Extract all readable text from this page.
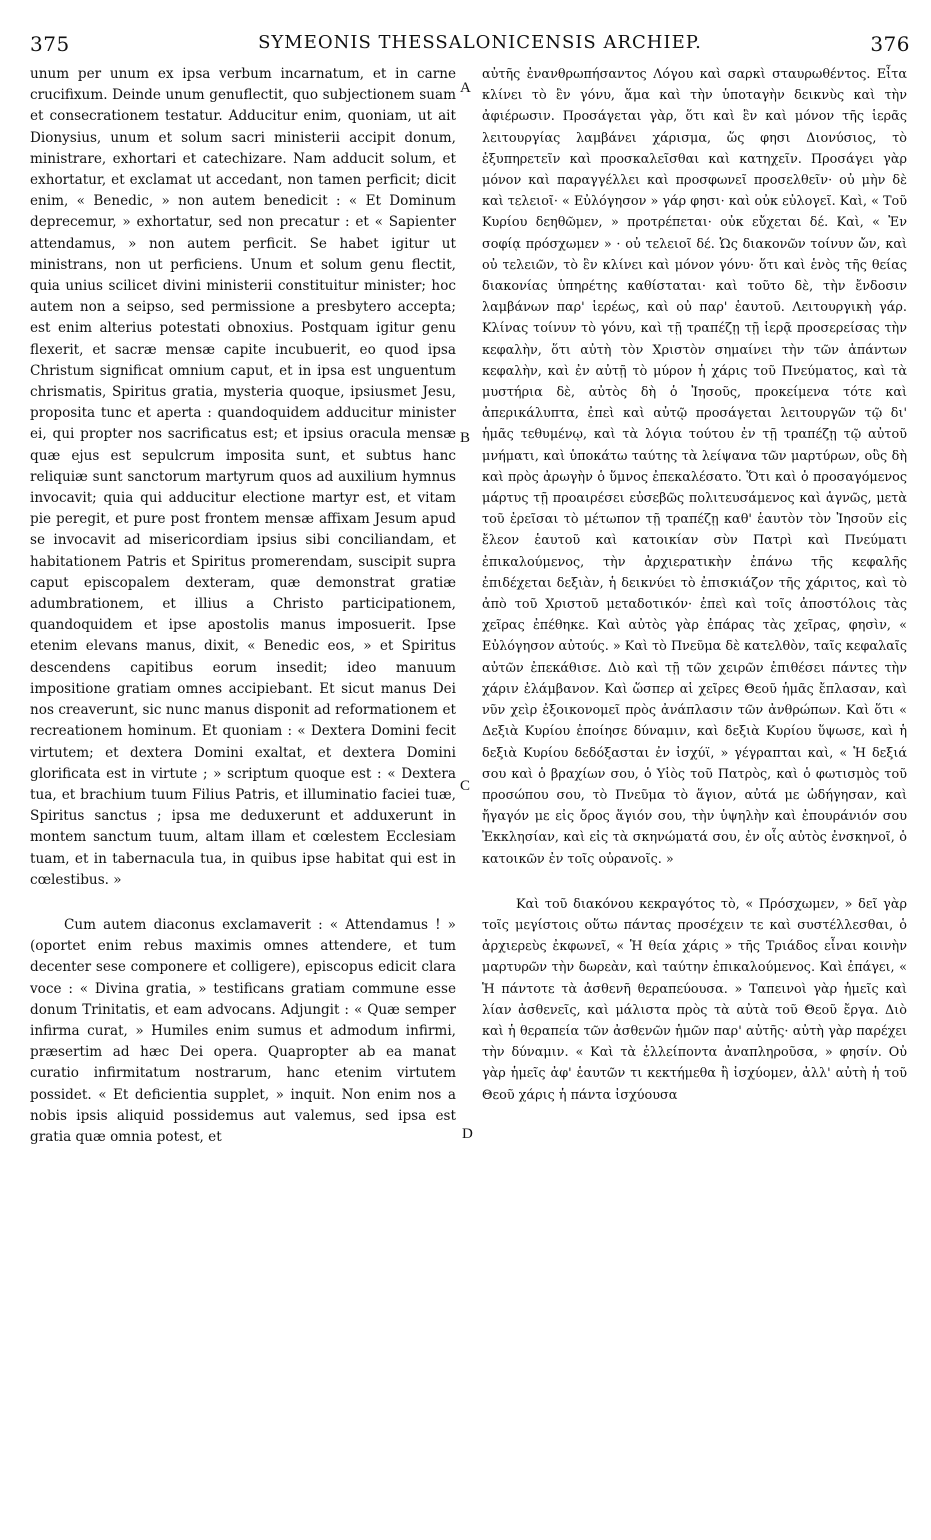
375	SYMEONIS THESSALONICENSIS ARCHIEP.	376

unum per unum ex ipsa verbum incarnatum, et in carne crucifixum. Deinde unum genuflectit, quo subjectionem suam et consecrationem testatur. Adducitur enim, quoniam, ut ait Dionysius, unum et solum sacri ministerii accipit donum, ministrare, exhortari et catechizare. Nam adducit solum, et exhortatur, et exclamat ut accedant, non tamen perficit; dicit enim, « Benedic, » non autem benedicit : « Et Dominum deprecemur, » exhortatur, sed non precatur : et « Sapienter attendamus, » non autem perficit. Se habet igitur ut ministrans, non ut perficiens. Unum et solum genu flectit, quia unius scilicet divini ministerii constituitur minister; hoc autem non a seipso, sed permissione a presbytero accepta; est enim alterius potestati obnoxius. Postquam igitur genu flexerit, et sacræ mensæ capite incubuerit, eo quod ipsa Christum significat omnium caput, et in ipsa est unguentum chrismatis, Spiritus gratia, mysteria quoque, ipsiusmet Jesu, proposita tunc et aperta : quandoquidem adducitur minister ei, qui propter nos sacrificatus est; et ipsius oracula mensæ quæ ejus est sepulcrum imposita sunt, et subtus hanc reliquiæ sunt sanctorum martyrum quos ad auxilium hymnus invocavit; quia qui adducitur electione martyr est, et vitam pie peregit, et pure post frontem mensæ affixam Jesum apud se invocavit ad misericordiam ipsius sibi conciliandam, et habitationem Patris et Spiritus promerendam, suscipit supra caput episcopalem dexteram, quæ demonstrat gratiæ adumbrationem, et illius a Christo participationem, quandoquidem et ipse apostolis manus imposuerit. Ipse etenim elevans manus, dixit, « Benedic eos, » et Spiritus descendens capitibus eorum insedit; ideo manuum impositione gratiam omnes accipiebant. Et sicut manus Dei nos creaverunt, sic nunc manus disponit ad reformationem et recreationem hominum. Et quoniam : « Dextera Domini fecit virtutem; et dextera Domini exaltat, et dextera Domini glorificata est in virtute ; » scriptum quoque est : « Dextera tua, et brachium tuum Filius Patris, et illuminatio faciei tuæ, Spiritus sanctus ; ipsa me deduxerunt et adduxerunt in montem sanctum tuum, altam illam et cœlestem Ecclesiam tuam, et in tabernacula tua, in quibus ipse habitat qui est in cœlestibus. »

Cum autem diaconus exclamaverit : « Attendamus ! » (oportet enim rebus maximis omnes attendere, et tum decenter sese componere et colligere), episcopus edicit clara voce : « Divina gratia, » testificans gratiam commune esse donum Trinitatis, et eam advocans. Adjungit : « Quæ semper infirma curat, » Humiles enim sumus et admodum infirmi, præsertim ad hæc Dei opera. Quapropter ab ea manat curatio infirmitatum nostrarum, hanc etenim virtutem possidet. « Et deficientia supplet, » inquit. Non enim nos a nobis ipsis aliquid possidemus aut valemus, sed ipsa est gratia quæ omnia potest, et

A
B
C
D

αὐτῆς ἐνανθρωπήσαντος Λόγου καὶ σαρκὶ σταυρωθέντος. Εἶτα κλίνει τὸ ἓν γόνυ, ἅμα καὶ τὴν ὑποταγὴν δεικνὺς καὶ τὴν ἀφιέρωσιν. Προσάγεται γὰρ, ὅτι καὶ ἓν καὶ μόνον τῆς ἱερᾶς λειτουργίας λαμβάνει χάρισμα, ὥς φησι Διονύσιος, τὸ ἐξυπηρετεῖν καὶ προσκαλεῖσθαι καὶ κατηχεῖν. Προσάγει γὰρ μόνον καὶ παραγγέλλει καὶ προσφωνεῖ προσελθεῖν· οὐ μὴν δὲ καὶ τελειοῖ· « Εὐλόγησον » γάρ φησι· καὶ οὐκ εὐλογεῖ. Καὶ, « Τοῦ Κυρίου δεηθῶμεν, » προτρέπεται· οὐκ εὔχεται δέ. Καὶ, « Ἐν σοφίᾳ πρόσχωμεν » · οὐ τελειοῖ δέ. Ὡς διακονῶν τοίνυν ὤν, καὶ οὐ τελειῶν, τὸ ἓν κλίνει καὶ μόνον γόνυ· ὅτι καὶ ἑνὸς τῆς θείας διακονίας ὑπηρέτης καθίσταται· καὶ τοῦτο δὲ, τὴν ἔνδοσιν λαμβάνων παρ' ἱερέως, καὶ οὐ παρ' ἑαυτοῦ. Λειτουργικὴ γάρ. Κλίνας τοίνυν τὸ γόνυ, καὶ τῇ τραπέζῃ τῇ ἱερᾷ προσερείσας τὴν κεφαλὴν, ὅτι αὐτὴ τὸν Χριστὸν σημαίνει τὴν τῶν ἁπάντων κεφαλὴν, καὶ ἐν αὐτῇ τὸ μύρον ἡ χάρις τοῦ Πνεύματος, καὶ τὰ μυστήρια δὲ, αὐτὸς δὴ ὁ Ἰησοῦς, προκείμενα τότε καὶ ἀπερικάλυπτα, ἐπεὶ καὶ αὐτῷ προσάγεται λειτουργῶν τῷ δι' ἡμᾶς τεθυμένῳ, καὶ τὰ λόγια τούτου ἐν τῇ τραπέζῃ τῷ αὐτοῦ μνήματι, καὶ ὑποκάτω ταύτης τὰ λείψανα τῶν μαρτύρων, οὓς δὴ καὶ πρὸς ἀρωγὴν ὁ ὕμνος ἐπεκαλέσατο. Ὅτι καὶ ὁ προσαγόμενος μάρτυς τῇ προαιρέσει εὐσεβῶς πολιτευσάμενος καὶ ἁγνῶς, μετὰ τοῦ ἐρεῖσαι τὸ μέτωπον τῇ τραπέζῃ καθ' ἑαυτὸν τὸν Ἰησοῦν εἰς ἔλεον ἑαυτοῦ καὶ κατοικίαν σὺν Πατρὶ καὶ Πνεύματι ἐπικαλούμενος, τὴν ἀρχιερατικὴν ἐπάνω τῆς κεφαλῆς ἐπιδέχεται δεξιὰν, ἡ δεικνύει τὸ ἐπισκιάζον τῆς χάριτος, καὶ τὸ ἀπὸ τοῦ Χριστοῦ μεταδοτικόν· ἐπεὶ καὶ τοῖς ἀποστόλοις τὰς χεῖρας ἐπέθηκε. Καὶ αὐτὸς γὰρ ἐπάρας τὰς χεῖρας, φησὶν, « Εὐλόγησον αὐτούς. » Καὶ τὸ Πνεῦμα δὲ κατελθὸν, ταῖς κεφαλαῖς αὐτῶν ἐπεκάθισε. Διὸ καὶ τῇ τῶν χειρῶν ἐπιθέσει πάντες τὴν χάριν ἐλάμβανον. Καὶ ὥσπερ αἱ χεῖρες Θεοῦ ἡμᾶς ἔπλασαν, καὶ νῦν χεὶρ ἐξοικονομεῖ πρὸς ἀνάπλασιν τῶν ἀνθρώπων. Καὶ ὅτι « Δεξιὰ Κυρίου ἐποίησε δύναμιν, καὶ δεξιὰ Κυρίου ὕψωσε, καὶ ἡ δεξιὰ Κυρίου δεδόξασται ἐν ἰσχύϊ, » γέγραπται καὶ, « Ἡ δεξιά σου καὶ ὁ βραχίων σου, ὁ Υἱὸς τοῦ Πατρὸς, καὶ ὁ φωτισμὸς τοῦ προσώπου σου, τὸ Πνεῦμα τὸ ἅγιον, αὐτά με ὡδήγησαν, καὶ ἤγαγόν με εἰς ὄρος ἅγιόν σου, τὴν ὑψηλὴν καὶ ἐπουράνιόν σου Ἐκκλησίαν, καὶ εἰς τὰ σκηνώματά σου, ἐν οἷς αὐτὸς ἐνσκηνοῖ, ὁ κατοικῶν ἐν τοῖς οὐρανοῖς. »

Καὶ τοῦ διακόνου κεκραγότος τὸ, « Πρόσχωμεν, » δεῖ γὰρ τοῖς μεγίστοις οὕτω πάντας προσέχειν τε καὶ συστέλλεσθαι, ὁ ἀρχιερεὺς ἐκφωνεῖ, « Ἡ θεία χάρις » τῆς Τριάδος εἶναι κοινὴν μαρτυρῶν τὴν δωρεὰν, καὶ ταύτην ἐπικαλούμενος. Καὶ ἐπάγει, « Ἡ πάντοτε τὰ ἀσθενῆ θεραπεύουσα. » Ταπεινοὶ γὰρ ἡμεῖς καὶ λίαν ἀσθενεῖς, καὶ μάλιστα πρὸς τὰ αὐτὰ τοῦ Θεοῦ ἔργα. Διὸ καὶ ἡ θεραπεία τῶν ἀσθενῶν ἡμῶν παρ' αὐτῆς· αὐτὴ γὰρ παρέχει τὴν δύναμιν. « Καὶ τὰ ἐλλείποντα ἀναπληροῦσα, » φησίν. Οὐ γὰρ ἡμεῖς ἀφ' ἑαυτῶν τι κεκτήμεθα ἢ ἰσχύομεν, ἀλλ' αὐτὴ ἡ τοῦ Θεοῦ χάρις ἡ πάντα ἰσχύουσα
